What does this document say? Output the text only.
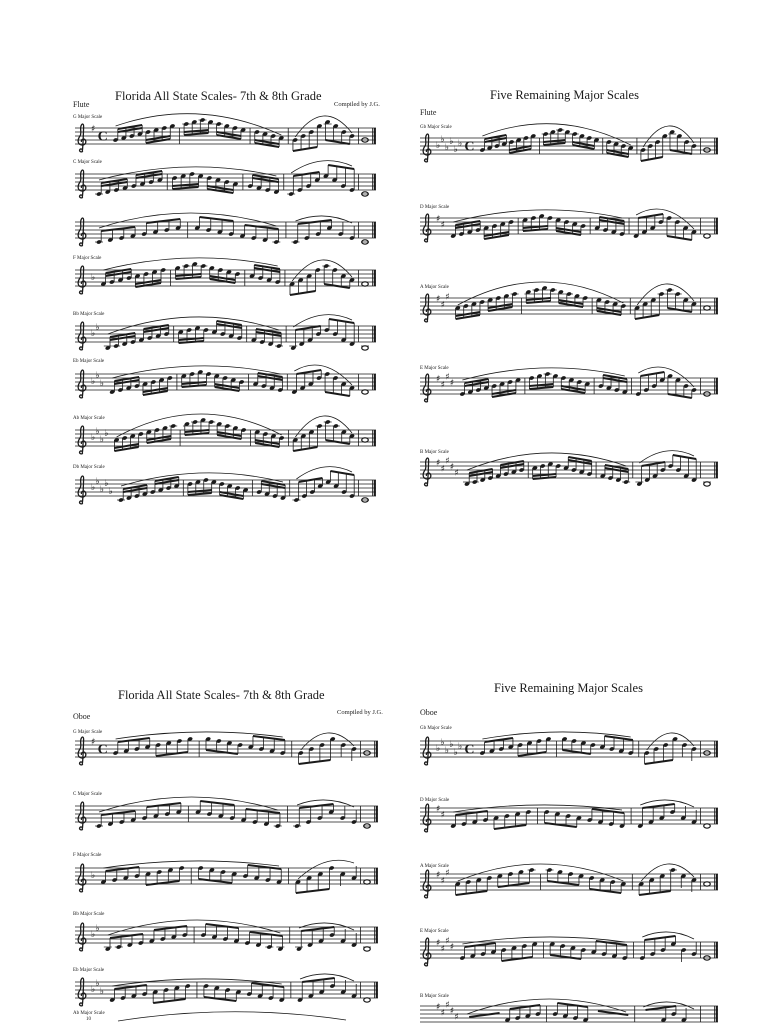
♯
C
♭
♭
♭
♭
♭
♭
♭
♭
♭
♭
♭
♭
♭
♭
♭
♭
♭
♭
♭
♭
♭ C
♯
♯
♯
♯
♯
♯
♯
♯
♯
♯
♯
♯
♯
♯
♯
C
♭
♭
♭
♭
♭
♭
♭
♭
♭
♭
♭
♭ C
♯
♯
♯
♯
♯
♯
♯
♯
♯
♯
♯
♯
♯
♯
Florida All State Scales- 7th & 8th Grade
Flute	Compiled by J.G.
Five Remaining Major Scales
Flute
Florida All State Scales- 7th & 8th Grade
Compiled by J.G.
Oboe
Five Remaining Major Scales
Oboe
G Major Scale
C Major Scale
F Major Scale
Bb Major Scale
Eb Major Scale
Ab Major Scale
Db Major Scale
Gb Major Scale
D Major Scale
A Major Scale
E Major Scale
B Major Scale
G Major Scale
C Major Scale
F Major Scale
Bb Major Scale
Eb Major Scale
Ab Major Scale
10
Gb Major Scale
D Major Scale
A Major Scale
E Major Scale
B Major Scale
